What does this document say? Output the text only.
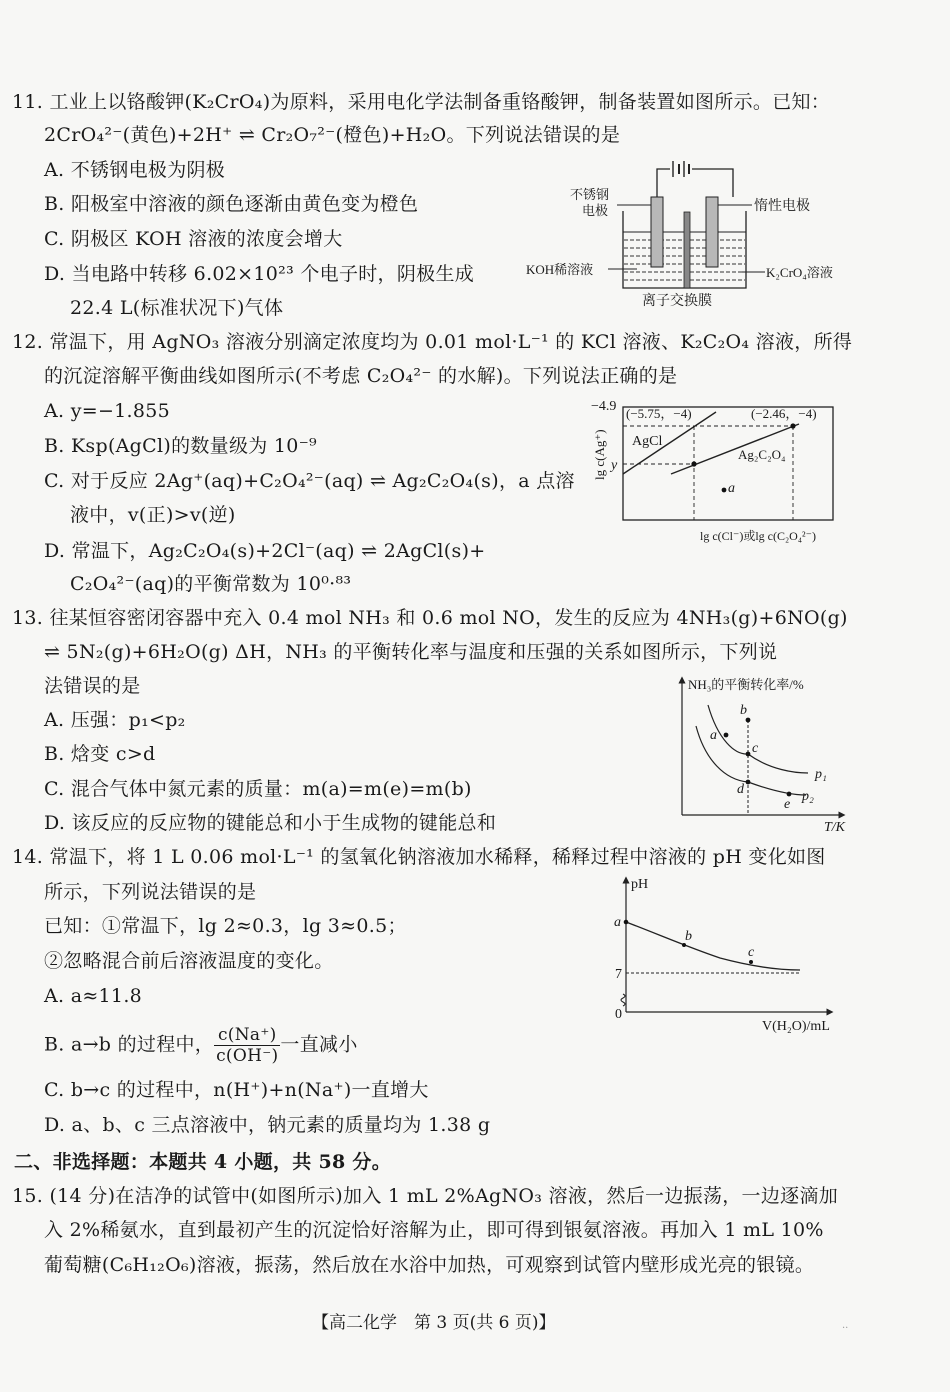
11. 工业上以铬酸钾(K₂CrO₄)为原料，采用电化学法制备重铬酸钾，制备装置如图所示。已知：
2CrO₄²⁻(黄色)+2H⁺ ⇌ Cr₂O₇²⁻(橙色)+H₂O。下列说法错误的是
A. 不锈钢电极为阴极
B. 阳极室中溶液的颜色逐渐由黄色变为橙色
C. 阴极区 KOH 溶液的浓度会增大
D. 当电路中转移 6.02×10²³ 个电子时，阴极生成
22.4 L(标准状况下)气体
不锈钢
电极	惰性电极
KOH稀溶液	K₂CrO₄溶液
离子交换膜
12. 常温下，用 AgNO₃ 溶液分别滴定浓度均为 0.01 mol·L⁻¹ 的 KCl 溶液、K₂C₂O₄ 溶液，所得
的沉淀溶解平衡曲线如图所示(不考虑 C₂O₄²⁻ 的水解)。下列说法正确的是
A. y=−1.855
B. Ksp(AgCl)的数量级为 10⁻⁹
C. 对于反应 2Ag⁺(aq)+C₂O₄²⁻(aq) ⇌ Ag₂C₂O₄(s)，a 点溶
液中，v(正)>v(逆)
D. 常温下，Ag₂C₂O₄(s)+2Cl⁻(aq) ⇌ 2AgCl(s)+
C₂O₄²⁻(aq)的平衡常数为 10⁰·⁸³
−4.9
y
lg c(Ag⁺)
(−5.75，−4)	(−2.46，−4)
AgCl
Ag₂C₂O₄
a
lg c(Cl⁻)或lg c(C₂O₄²⁻)
13. 往某恒容密闭容器中充入 0.4 mol NH₃ 和 0.6 mol NO，发生的反应为 4NH₃(g)+6NO(g)
⇌ 5N₂(g)+6H₂O(g) ΔH，NH₃ 的平衡转化率与温度和压强的关系如图所示，下列说
法错误的是
A. 压强：p₁<p₂
B. 焓变 c>d
C. 混合气体中氮元素的质量：m(a)=m(e)=m(b)
D. 该反应的反应物的键能总和小于生成物的键能总和
NH₃的平衡转化率/%
T/K
a
b
c
d
e
p₁
p₂
14. 常温下，将 1 L 0.06 mol·L⁻¹ 的氢氧化钠溶液加水稀释，稀释过程中溶液的 pH 变化如图
所示，下列说法错误的是
已知：①常温下，lg 2≈0.3，lg 3≈0.5；
②忽略混合前后溶液温度的变化。
A. a≈11.8
B. a→b 的过程中， $\frac{c(Na^+)}{c(OH^-)}$ 一直减小
C. b→c 的过程中，n(H⁺)+n(Na⁺)一直增大
D. a、b、c 三点溶液中，钠元素的质量均为 1.38 g
pH
a
b
c
7
0
V(H₂O)/mL
二、非选择题：本题共 4 小题，共 58 分。
15. (14 分)在洁净的试管中(如图所示)加入 1 mL 2%AgNO₃ 溶液，然后一边振荡，一边逐滴加
入 2%稀氨水，直到最初产生的沉淀恰好溶解为止，即可得到银氨溶液。再加入 1 mL 10%
葡萄糖(C₆H₁₂O₆)溶液，振荡，然后放在水浴中加热，可观察到试管内壁形成光亮的银镜。
【高二化学　第 3 页(共 6 页)】	..
